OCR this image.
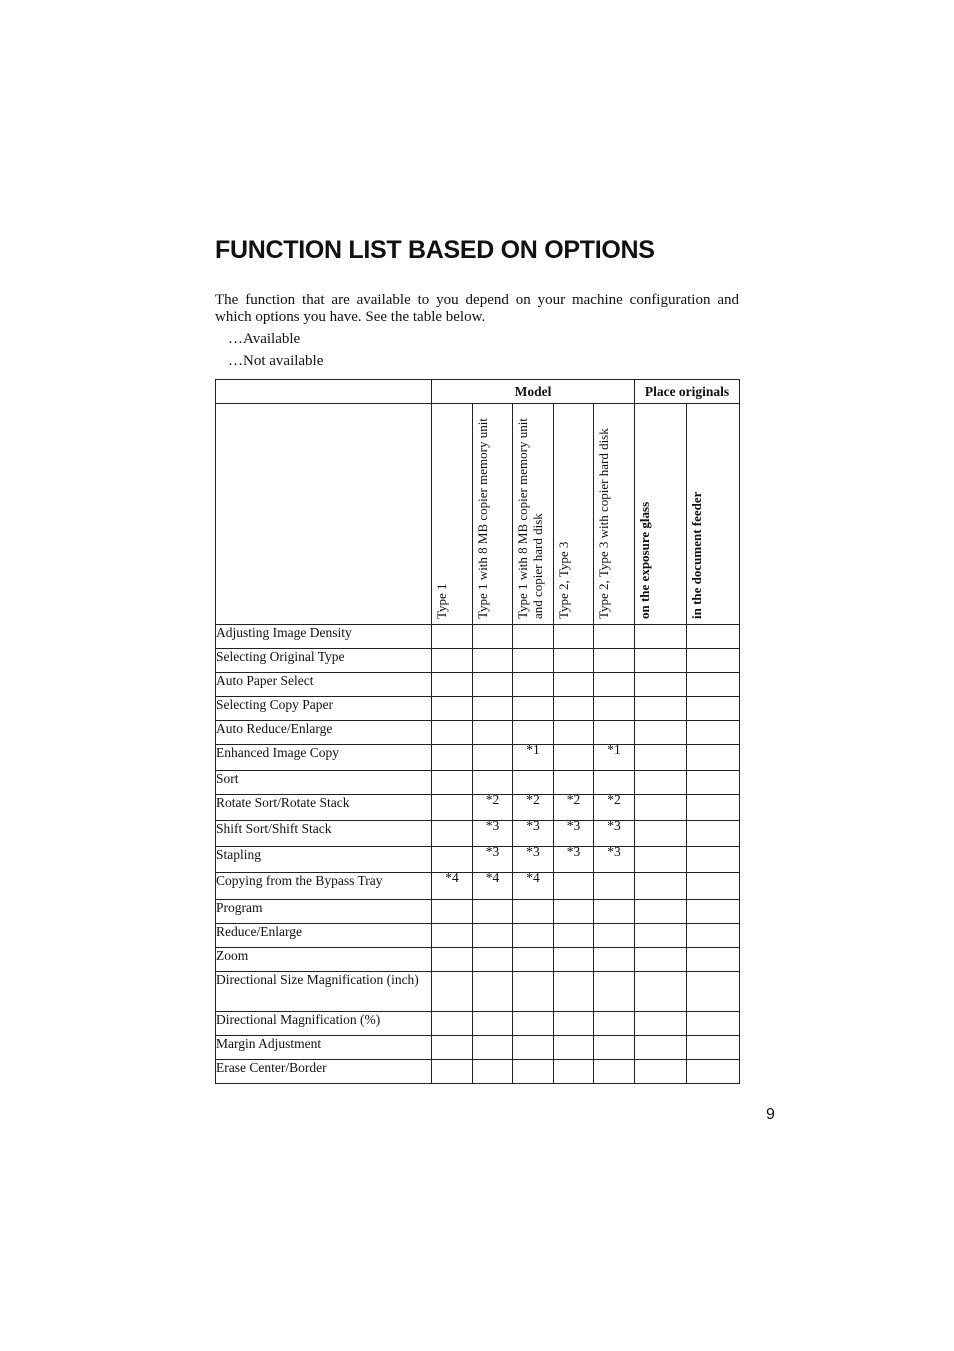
FUNCTION LIST BASED ON OPTIONS

The function that are available to you depend on your machine configuration and which options you have. See the table below.

…Available
…Not available
	Model					Place originals	

	Type 1	Type 1 with 8 MB copier memory unit	Type 1 with 8 MB copier memory unit and copier hard disk	Type 2, Type 3	Type 2, Type 3 with copier hard disk	on the exposure glass	in the document feeder

Adjusting Image Density							
Selecting Original Type							
Auto Paper Select							
Selecting Copy Paper							
Auto Reduce/Enlarge							
Enhanced Image Copy			*1		*1		
Sort							
Rotate Sort/Rotate Stack		*2	*2	*2	*2		
Shift Sort/Shift Stack		*3	*3	*3	*3		
Stapling		*3	*3	*3	*3		
Copying from the Bypass Tray	*4	*4	*4				
Program							
Reduce/Enlarge							
Zoom							
Directional Size Magnification (inch)							
Directional Magnification (%)							
Margin Adjustment							
Erase Center/Border							
9
